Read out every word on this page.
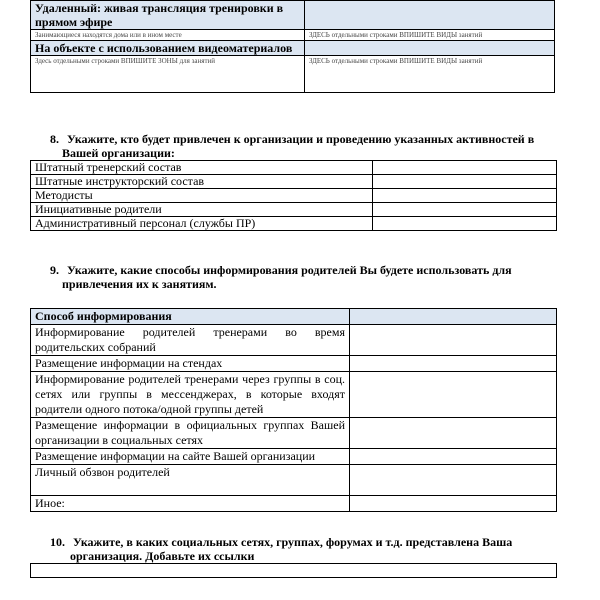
Удаленный: живая трансляция тренировки в прямом эфире	
Занимающиеся находятся дома или в ином месте	ЗДЕСЬ отдельными строками ВПИШИТЕ ВИДЫ занятий
На объекте с использованием видеоматериалов	
Здесь отдельными строками ВПИШИТЕ ЗОНЫ для занятий	ЗДЕСЬ отдельными строками ВПИШИТЕ ВИДЫ занятий
8. Укажите, кто будет привлечен к организации и проведению указанных активностей в
Вашей организации:
Штатный тренерский состав	
Штатные инструкторский состав	
Методисты	
Инициативные родители	
Административный персонал (службы ПР)	
9. Укажите, какие способы информирования родителей Вы будете использовать для
привлечения их к занятиям.
Способ информирования	
Информирование родителей тренерами во время родительских собраний	
Размещение информации на стендах	
Информирование родителей тренерами через группы в соц. сетях или группы в мессенджерах, в которые входят родители одного потока/одной группы детей	
Размещение информации в официальных группах Вашей организации в социальных сетях	
Размещение информации на сайте Вашей организации	
Личный обзвон родителей	
Иное:	
10. Укажите, в каких социальных сетях, группах, форумах и т.д. представлена Ваша
организация. Добавьте их ссылки
